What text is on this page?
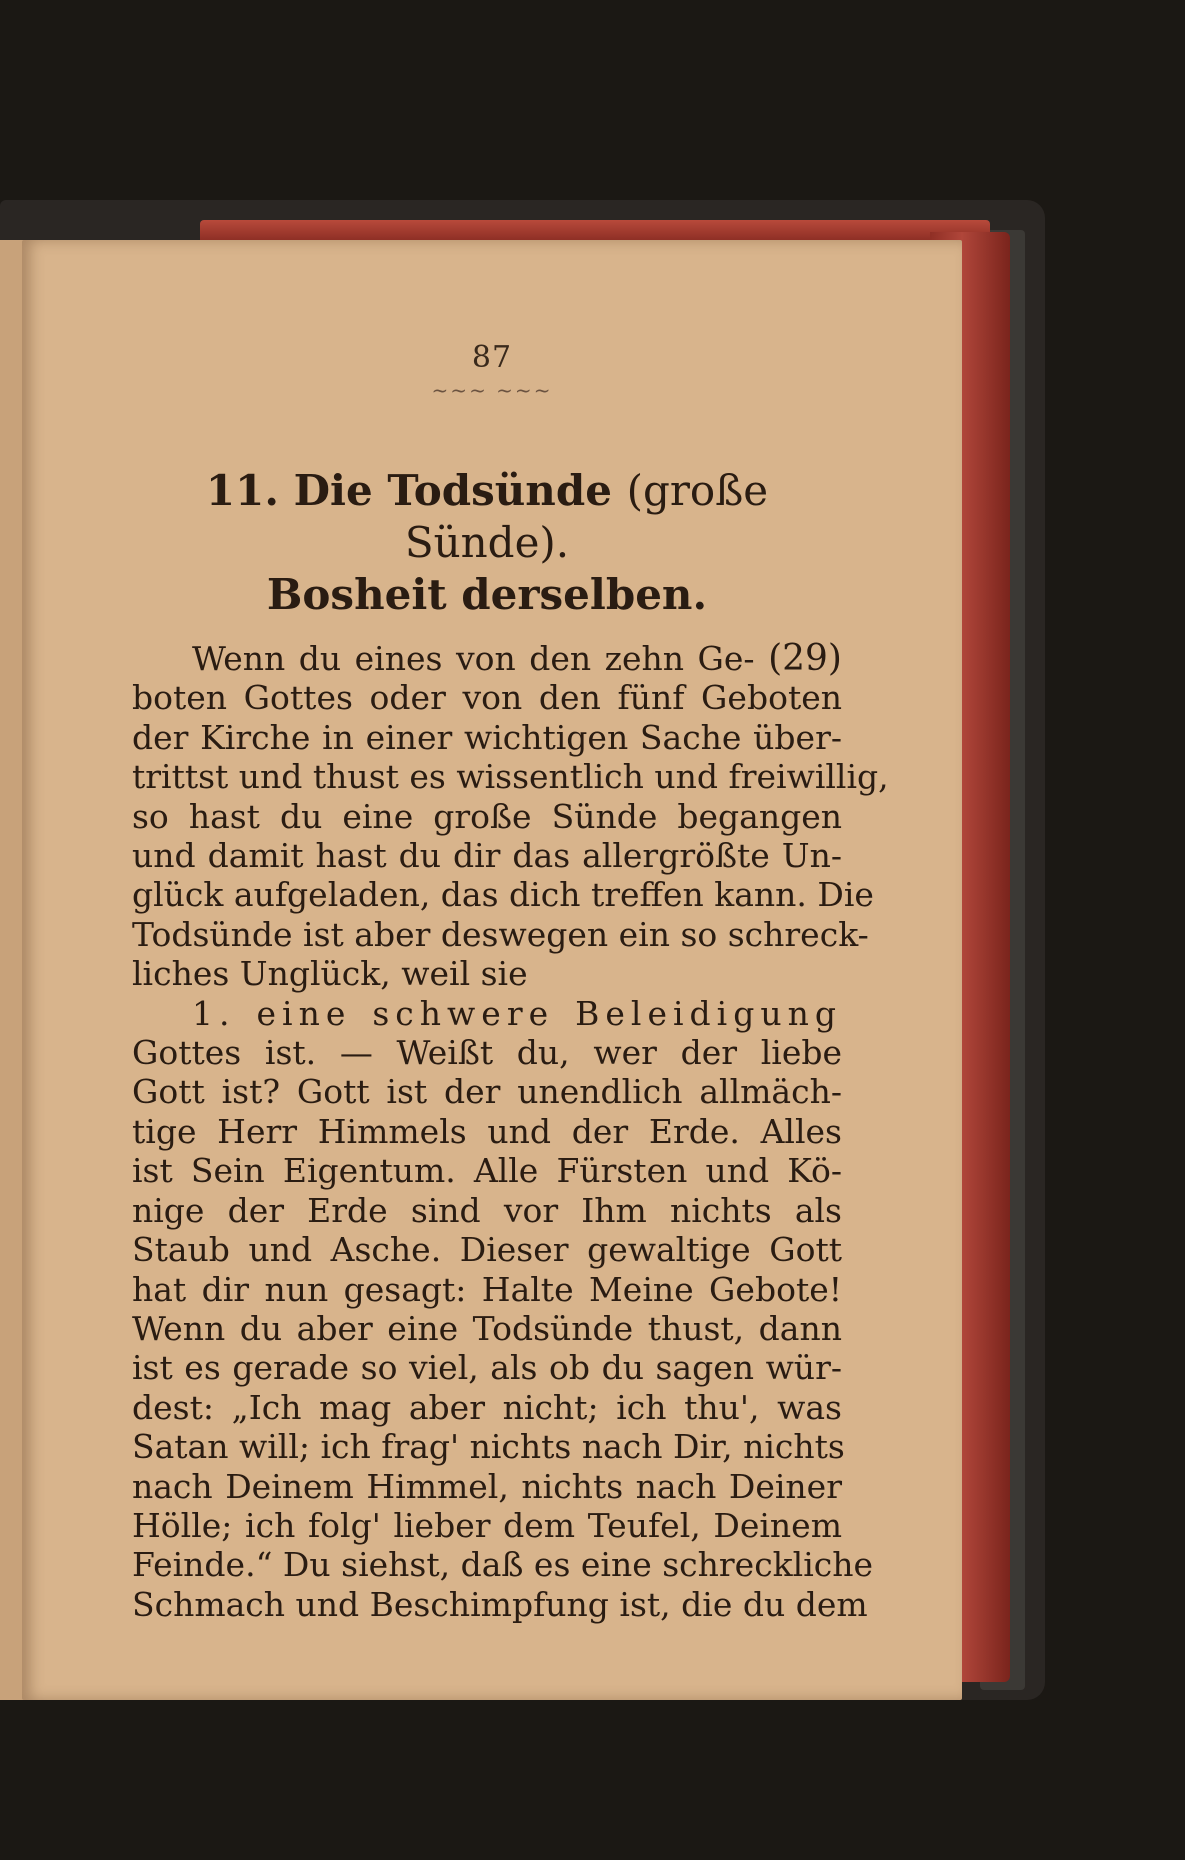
87
~~~ ~~~
11. Die Todsünde (große Sünde).
Bosheit derselben.
Wenn du eines von den zehn Ge- (29)
boten Gottes oder von den fünf Geboten
der Kirche in einer wichtigen Sache über-
trittst und thust es wissentlich und freiwillig,
so hast du eine große Sünde begangen
und damit hast du dir das allergrößte Un-
glück aufgeladen, das dich treffen kann. Die
Todsünde ist aber deswegen ein so schreck-
liches Unglück, weil sie
1. eine schwere Beleidigung
Gottes ist. — Weißt du, wer der liebe
Gott ist? Gott ist der unendlich allmäch-
tige Herr Himmels und der Erde. Alles
ist Sein Eigentum. Alle Fürsten und Kö-
nige der Erde sind vor Ihm nichts als
Staub und Asche. Dieser gewaltige Gott
hat dir nun gesagt: Halte Meine Gebote!
Wenn du aber eine Todsünde thust, dann
ist es gerade so viel, als ob du sagen wür-
dest: „Ich mag aber nicht; ich thu', was
Satan will; ich frag' nichts nach Dir, nichts
nach Deinem Himmel, nichts nach Deiner
Hölle; ich folg' lieber dem Teufel, Deinem
Feinde.“ Du siehst, daß es eine schreckliche
Schmach und Beschimpfung ist, die du dem
